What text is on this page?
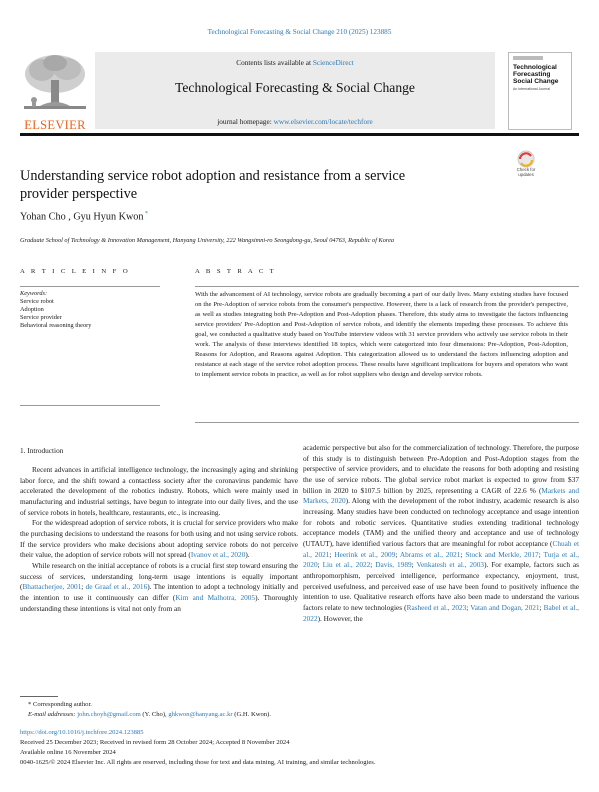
Technological Forecasting & Social Change 210 (2025) 123885
ELSEVIER
Contents lists available at ScienceDirect
Technological Forecasting & Social Change
journal homepage: www.elsevier.com/locate/techfore
Technological
Forecasting
Social Change
An International Journal
Check for
updates
Understanding service robot adoption and resistance from a service
provider perspective
Yohan Cho , Gyu Hyun Kwon *
Graduate School of Technology & Innovation Management, Hanyang University, 222 Wangsimni-ro Seongdong-gu, Seoul 04763, Republic of Korea
A R T I C L E I N F O
Keywords:
Service robot
Adoption
Service provider
Behavioral reasoning theory
A B S T R A C T
With the advancement of AI technology, service robots are gradually becoming a part of our daily lives. Many existing studies have focused on the Pre-Adoption of service robots from the consumer's perspective. However, there is a lack of research from the provider's perspective, as well as studies integrating both Pre-Adoption and Post-Adoption phases. Therefore, this study aims to investigate the factors influencing service providers' Pre-Adoption and Post-Adoption of service robots, and identify the elements impeding these processes. To achieve this goal, we conducted a qualitative study based on YouTube interview videos with 31 service providers who actively use service robots in their work. The analysis of these interviews identified 18 topics, which were categorized into four dimensions: Pre-Adoption, Post-Adoption, Reasons for Adoption, and Reasons against Adoption. This categorization allowed us to understand the factors influencing adoption and resistance at each stage of the service robot adoption process. These results have significant implications for buyers and operators who want to implement service robots in practice, as well as for robot suppliers who design and develop service robots.
1. Introduction

Recent advances in artificial intelligence technology, the increasingly aging and shrinking labor force, and the shift toward a contactless society after the coronavirus pandemic have accelerated the development of the robotics industry. Robots, which were mainly used in manufacturing and industrial settings, have begun to integrate into our daily lives, and the use of service robots in hotels, healthcare, restaurants, etc., is increasing.

For the widespread adoption of service robots, it is crucial for service providers who make the purchasing decisions to understand the reasons for both using and not using service robots. If the service providers who make decisions about adopting service robots do not perceive their value, the adoption of service robots will not spread (Ivanov et al., 2020).

While research on the initial acceptance of robots is a crucial first step toward ensuring the success of services, understanding long-term usage intentions is equally important (Bhattacherjee, 2001; de Graaf et al., 2016). The intention to adopt a technology initially and the intention to use it continuously can differ (Kim and Malhotra, 2005). Thoroughly understanding these intentions is vital not only from an

academic perspective but also for the commercialization of technology. Therefore, the purpose of this study is to distinguish between Pre-Adoption and Post-Adoption stages from the perspective of service providers, and to elucidate the reasons for both adopting and resisting the use of service robots. The global service robot market is expected to grow from $37 billion in 2020 to $107.5 billion by 2025, representing a CAGR of 22.6 % (Markets and Markets, 2020). Along with the development of the robot industry, academic research is also increasing. Many studies have been conducted on technology acceptance and usage intention for robots and robotic services. Quantitative studies extending traditional technology acceptance models (TAM) and the unified theory and acceptance and use of technology (UTAUT), have identified various factors that are meaningful for robot acceptance (Chuah et al., 2021; Heerink et al., 2009; Abrams et al., 2021; Stock and Merkle, 2017; Turja et al., 2020; Liu et al., 2022; Davis, 1989; Venkatesh et al., 2003). For example, factors such as anthropomorphism, perceived intelligence, performance expectancy, enjoyment, trust, perceived usefulness, and perceived ease of use have been found to positively influence the intention to use. Qualitative research efforts have also been made to understand the various factors relate to new technologies (Rasheed et al., 2023; Vatan and Dogan, 2021; Babel et al., 2022). However, the

* Corresponding author.
E-mail addresses: john.choyh@gmail.com (Y. Cho), ghkwon@hanyang.ac.kr (G.H. Kwon).
https://doi.org/10.1016/j.techfore.2024.123885
Received 25 December 2023; Received in revised form 28 October 2024; Accepted 8 November 2024
Available online 16 November 2024
0040-1625/© 2024 Elsevier Inc. All rights are reserved, including those for text and data mining, AI training, and similar technologies.
